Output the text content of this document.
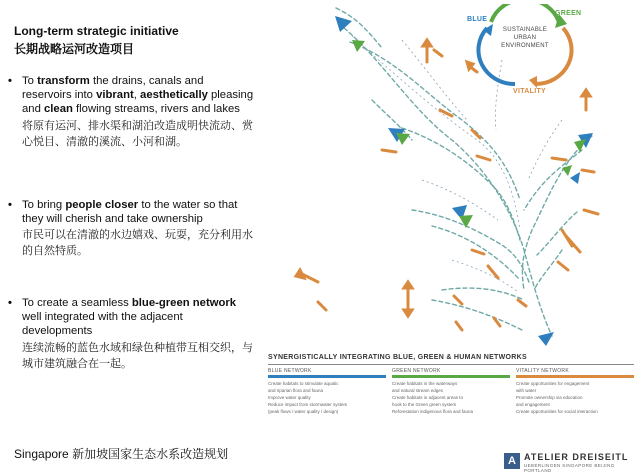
Long-term strategic initiative
长期战略运河改造项目
• To transform the drains, canals and reservoirs into vibrant, aesthetically pleasing and clean flowing streams, rivers and lakes
将原有运河、排水渠和湖泊改造成明快流动、赏心悦目、清澈的溪流、小河和湖。
• To bring people closer to the water so that they will cherish and take ownership
市民可以在清澈的水边嬉戏、玩耍，充分利用水的自然特质。
• To create a seamless blue-green network well integrated with the adjacent developments
连续流畅的蓝色水域和绿色种植带互相交织，与城市建筑融合在一起。
Singapore 新加坡国家生态水系改造规划
BLUE
GREEN
VITALITY
SUSTAINABLE
URBAN
ENVIRONMENT
SYNERGISTICALLY INTEGRATING BLUE, GREEN & HUMAN NETWORKS
BLUE NETWORK
Create habitats to stimulate aquatic
and riparian flora and fauna
Improve water quality
Reduce impact from stormwater system
(peak flows / water quality / design)
GREEN NETWORK
Create habitats in the waterways
and natural stream edges
Create habitats in adjacent areas to
hook to the Green green system
Reforestation indigenous flora and fauna
VITALITY NETWORK
Create opportunities for engagement
with water
Promote ownership via education
and engagement
Create opportunities for social interaction
A ATELIER DREISEITL
UEBERLINGEN SINGAPORE BEIJING PORTLAND
